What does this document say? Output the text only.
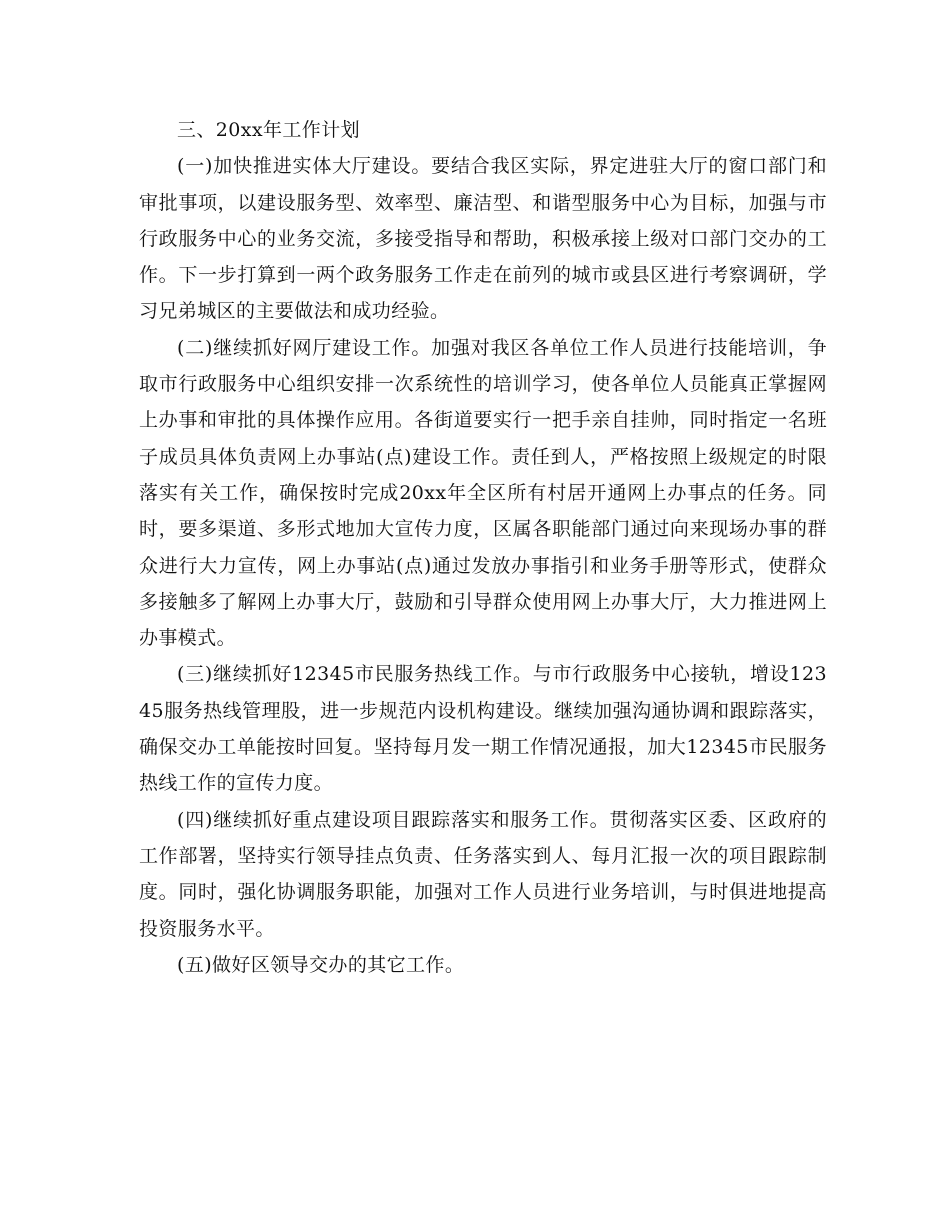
三、20xx年工作计划

(一)加快推进实体大厅建设。要结合我区实际，界定进驻大厅的窗口部门和审批事项，以建设服务型、效率型、廉洁型、和谐型服务中心为目标，加强与市行政服务中心的业务交流，多接受指导和帮助，积极承接上级对口部门交办的工作。下一步打算到一两个政务服务工作走在前列的城市或县区进行考察调研，学习兄弟城区的主要做法和成功经验。

(二)继续抓好网厅建设工作。加强对我区各单位工作人员进行技能培训，争取市行政服务中心组织安排一次系统性的培训学习，使各单位人员能真正掌握网上办事和审批的具体操作应用。各街道要实行一把手亲自挂帅，同时指定一名班子成员具体负责网上办事站(点)建设工作。责任到人，严格按照上级规定的时限落实有关工作，确保按时完成20xx年全区所有村居开通网上办事点的任务。同时，要多渠道、多形式地加大宣传力度，区属各职能部门通过向来现场办事的群众进行大力宣传，网上办事站(点)通过发放办事指引和业务手册等形式，使群众多接触多了解网上办事大厅，鼓励和引导群众使用网上办事大厅，大力推进网上办事模式。

(三)继续抓好12345市民服务热线工作。与市行政服务中心接轨，增设12345服务热线管理股，进一步规范内设机构建设。继续加强沟通协调和跟踪落实，确保交办工单能按时回复。坚持每月发一期工作情况通报，加大12345市民服务热线工作的宣传力度。

(四)继续抓好重点建设项目跟踪落实和服务工作。贯彻落实区委、区政府的工作部署，坚持实行领导挂点负责、任务落实到人、每月汇报一次的项目跟踪制度。同时，强化协调服务职能，加强对工作人员进行业务培训，与时俱进地提高投资服务水平。

(五)做好区领导交办的其它工作。
